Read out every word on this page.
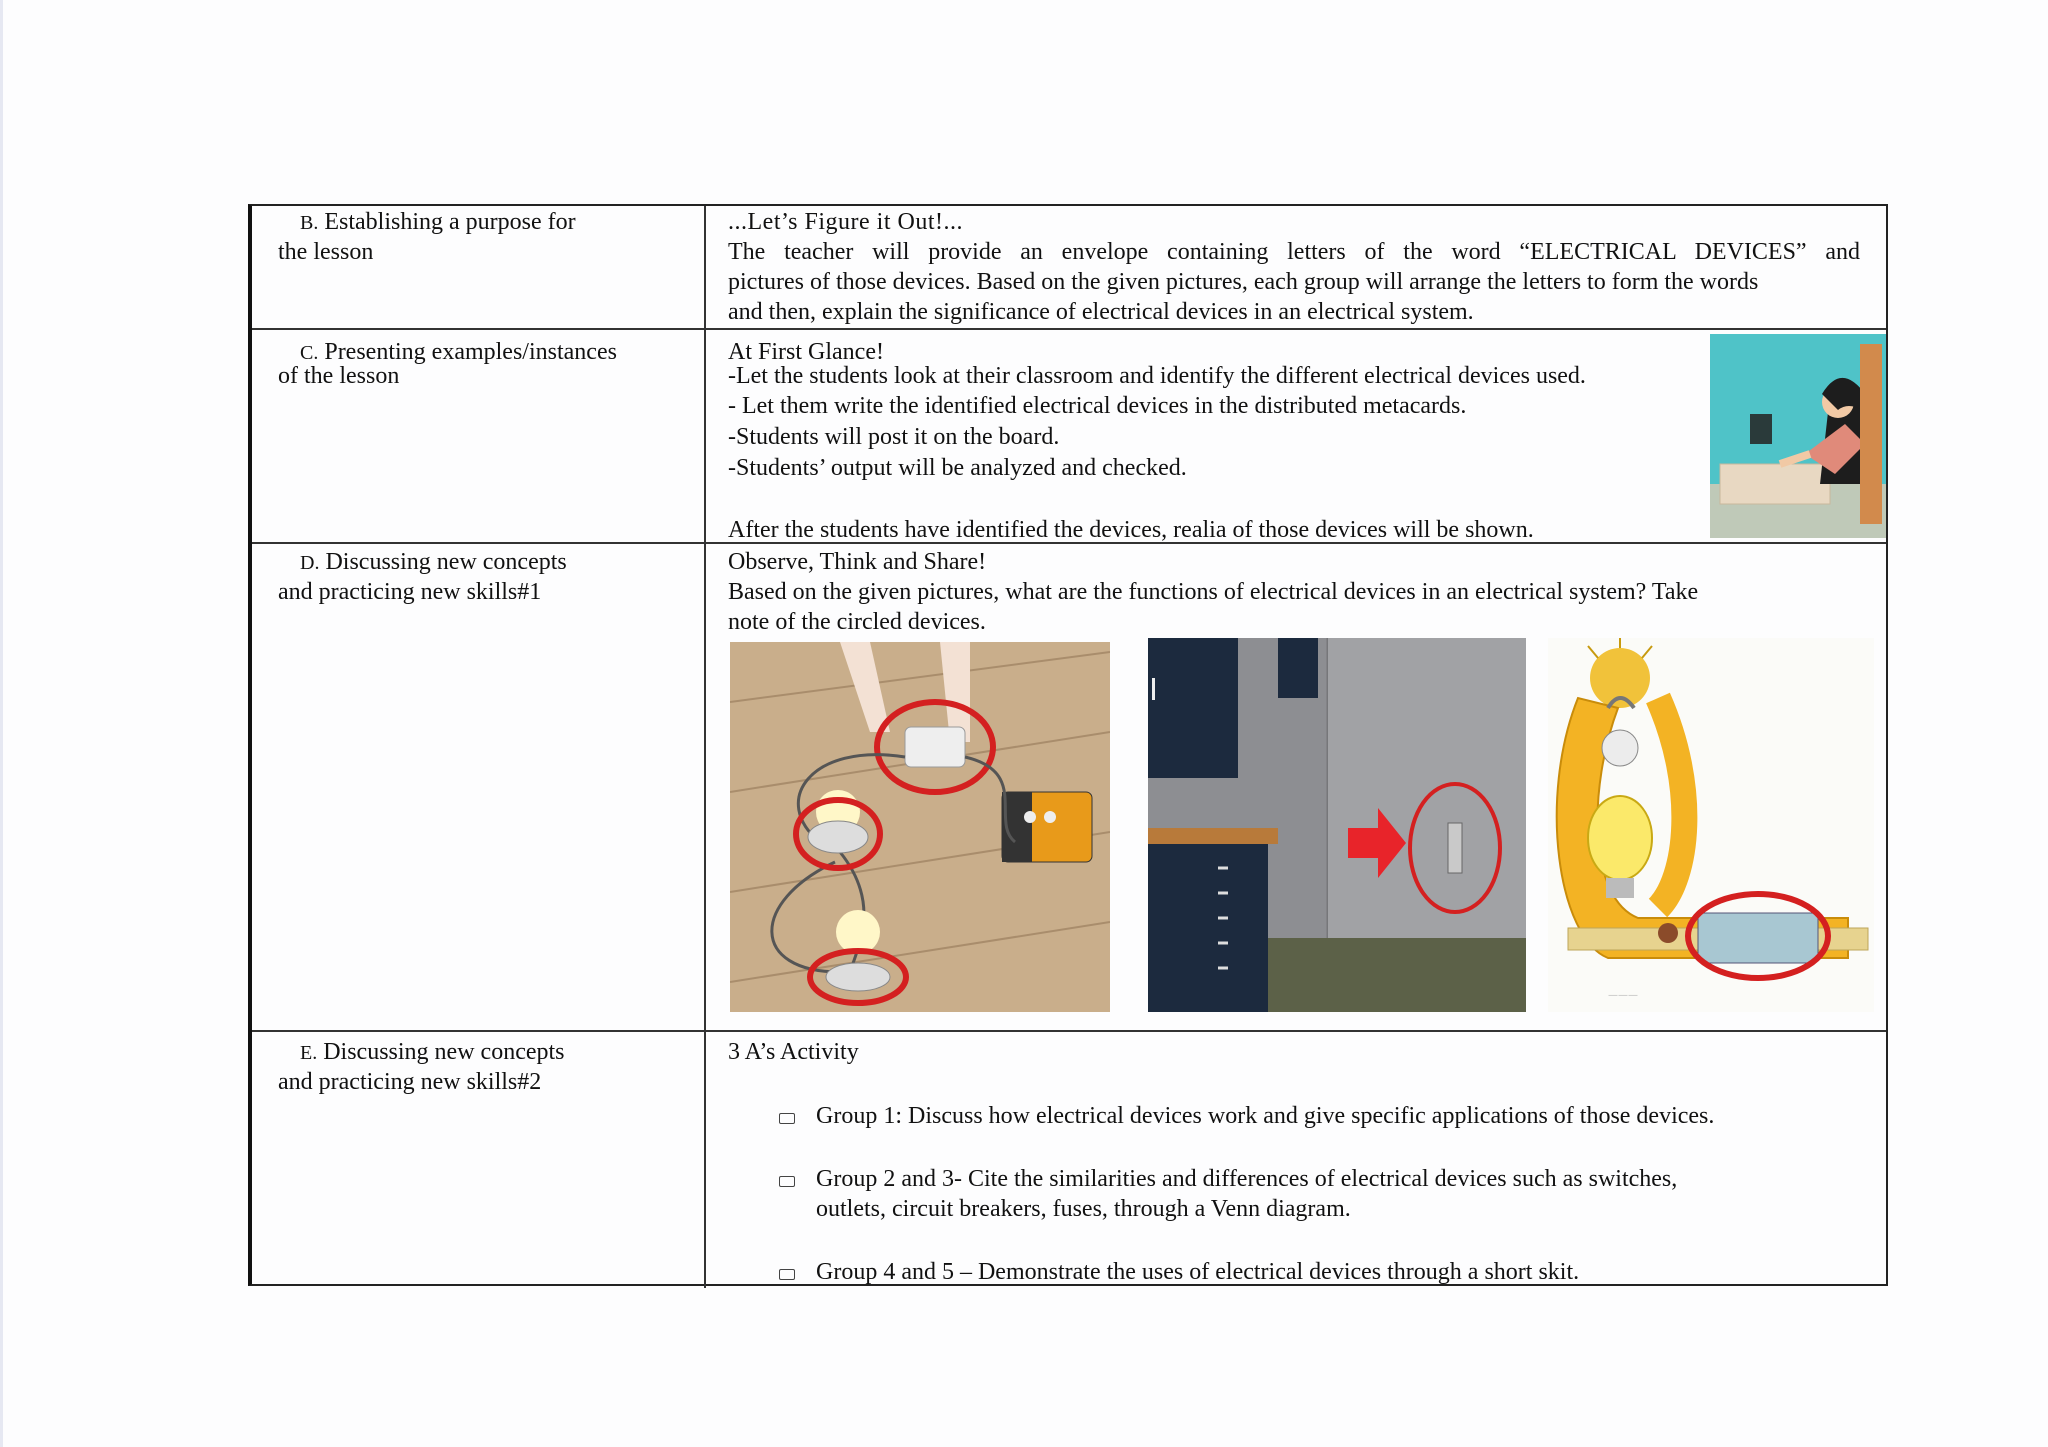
B. Establishing a purpose for
the lesson
...Let’s Figure it Out!...
The teacher will provide an envelope containing letters of the word “ELECTRICAL DEVICES” and
pictures of those devices. Based on the given pictures, each group will arrange the letters to form the words
and then, explain the significance of electrical devices in an electrical system.
C. Presenting examples/instances
of the lesson
At First Glance!
-Let the students look at their classroom and identify the different electrical devices used.
- Let them write the identified electrical devices in the distributed metacards.
-Students will post it on the board.
-Students’ output will be analyzed and checked.
After the students have identified the devices, realia of those devices will be shown.
D. Discussing new concepts
and practicing new skills#1
Observe, Think and Share!
Based on the given pictures, what are the functions of electrical devices in an electrical system? Take
note of the circled devices.
———
E. Discussing new concepts
and practicing new skills#2
3 A’s Activity
Group 1: Discuss how electrical devices work and give specific applications of those devices.
Group 2 and 3- Cite the similarities and differences of electrical devices such as switches,
outlets, circuit breakers, fuses, through a Venn diagram.
Group 4 and 5 – Demonstrate the uses of electrical devices through a short skit.
